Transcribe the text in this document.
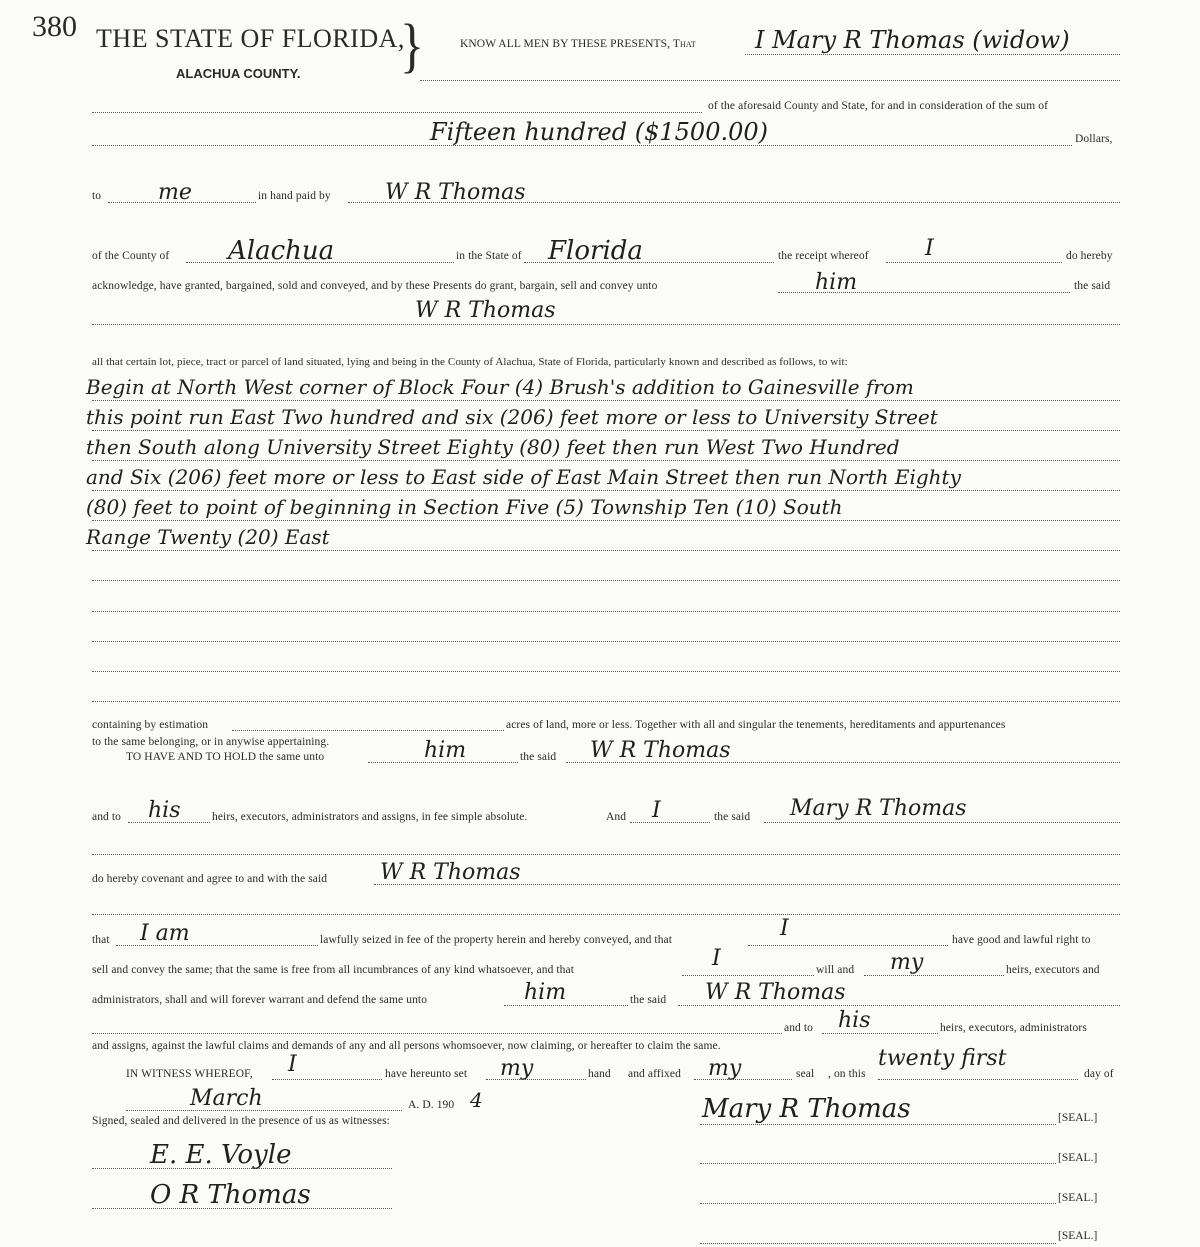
380 THE STATE OF FLORIDA,
ALACHUA COUNTY. }	KNOW ALL MEN BY THESE PRESENTS, That I Mary R Thomas (widow)
of the aforesaid County and State, for and in consideration of the sum of
Fifteen hundred ($1500.00)	Dollars,
to	me	in hand paid by W R Thomas
of the County of Alachua	in the State of Florida	the receipt whereof	I	do hereby
acknowledge, have granted, bargained, sold and conveyed, and by these Presents do grant, bargain, sell and convey unto	him	the said
W R Thomas
all that certain lot, piece, tract or parcel of land situated, lying and being in the County of Alachua, State of Florida, particularly known and described as follows, to wit:
Begin at North West corner of Block Four (4) Brush's addition to Gainesville from
this point run East Two hundred and six (206) feet more or less to University Street
then South along University Street Eighty (80) feet then run West Two Hundred
and Six (206) feet more or less to East side of East Main Street then run North Eighty
(80) feet to point of beginning in Section Five (5) Township Ten (10) South
Range Twenty (20) East
containing by estimation	acres of land, more or less. Together with all and singular the tenements, hereditaments and appurtenances
to the same belonging, or in anywise appertaining.
TO HAVE AND TO HOLD the same unto	him	the said W R Thomas
and to his	heirs, executors, administrators and assigns, in fee simple absolute.	And I	the said Mary R Thomas
do hereby covenant and agree to and with the said W R Thomas
that I am	lawfully seized in fee of the property herein and hereby conveyed, and that	I	have good and lawful right to
sell and convey the same; that the same is free from all incumbrances of any kind whatsoever, and that	I	will and my	heirs, executors and
administrators, shall and will forever warrant and defend the same unto	him	the said W R Thomas
and to his	heirs, executors, administrators
and assigns, against the lawful claims and demands of any and all persons whomsoever, now claiming, or hereafter to claim the same.
IN WITNESS WHEREOF, I	have hereunto set my	hand and affixed my	seal , on this
twenty first
day of
March	A. D. 190 4
Signed, sealed and delivered in the presence of us as witnesses:	Mary R Thomas	[SEAL.]
E. E. Voyle	[SEAL.]
O R Thomas	[SEAL.]
[SEAL.]
